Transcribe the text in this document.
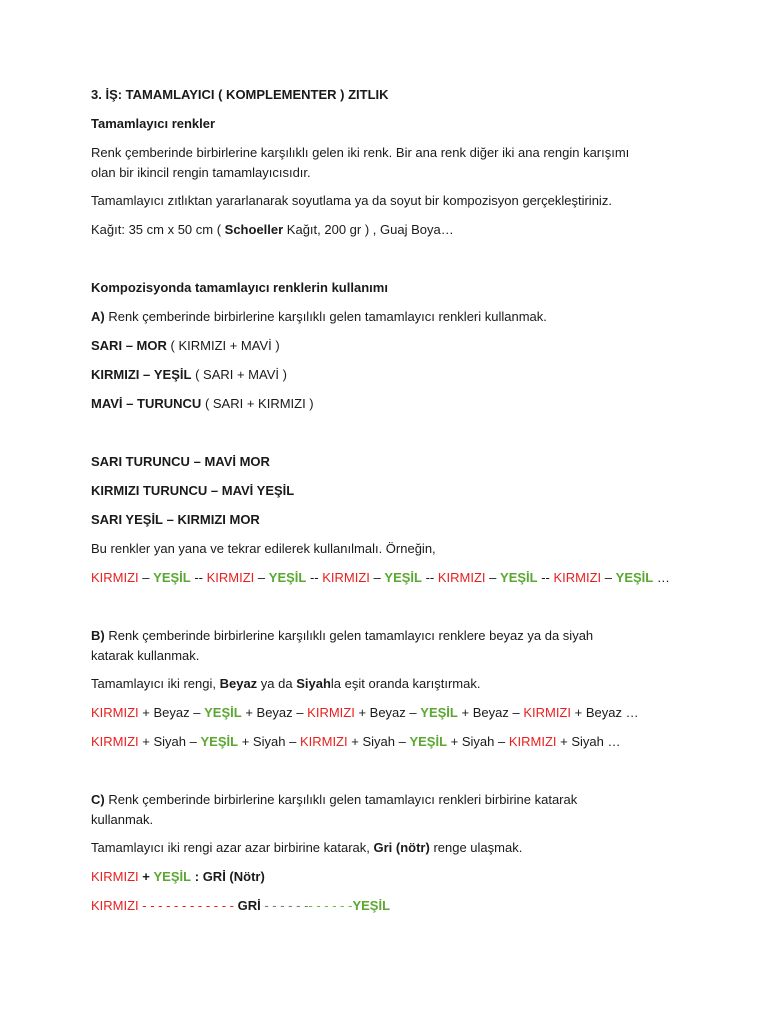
3. İŞ: TAMAMLAYICI ( KOMPLEMENTER ) ZITLIK
Tamamlayıcı renkler
Renk çemberinde birbirlerine karşılıklı gelen iki renk. Bir ana renk diğer iki ana rengin karışımı
olan bir ikincil rengin tamamlayıcısıdır.
Tamamlayıcı zıtlıktan yararlanarak soyutlama ya da soyut bir kompozisyon gerçekleştiriniz.
Kağıt: 35 cm x 50 cm ( Schoeller Kağıt, 200 gr ) , Guaj Boya…
Kompozisyonda tamamlayıcı renklerin kullanımı
A) Renk çemberinde birbirlerine karşılıklı gelen tamamlayıcı renkleri kullanmak.
SARI – MOR ( KIRMIZI + MAVİ )
KIRMIZI – YEŞİL ( SARI + MAVİ )
MAVİ – TURUNCU ( SARI + KIRMIZI )
SARI TURUNCU – MAVİ MOR
KIRMIZI TURUNCU – MAVİ YEŞİL
SARI YEŞİL – KIRMIZI MOR
Bu renkler yan yana ve tekrar edilerek kullanılmalı. Örneğin,
KIRMIZI – YEŞİL -- KIRMIZI – YEŞİL -- KIRMIZI – YEŞİL -- KIRMIZI – YEŞİL -- KIRMIZI – YEŞİL …
B) Renk çemberinde birbirlerine karşılıklı gelen tamamlayıcı renklere beyaz ya da siyah
katarak kullanmak.
Tamamlayıcı iki rengi, Beyaz ya da Siyahla eşit oranda karıştırmak.
KIRMIZI + Beyaz – YEŞİL + Beyaz – KIRMIZI + Beyaz – YEŞİL + Beyaz – KIRMIZI + Beyaz …
KIRMIZI + Siyah – YEŞİL + Siyah – KIRMIZI + Siyah – YEŞİL + Siyah – KIRMIZI + Siyah …
C) Renk çemberinde birbirlerine karşılıklı gelen tamamlayıcı renkleri birbirine katarak
kullanmak.
Tamamlayıcı iki rengi azar azar birbirine katarak, Gri (nötr) renge ulaşmak.
KIRMIZI + YEŞİL : GRİ (Nötr)
KIRMIZI - - - - - - - - - - - - GRİ - - - - - -- - - - - -YEŞİL
